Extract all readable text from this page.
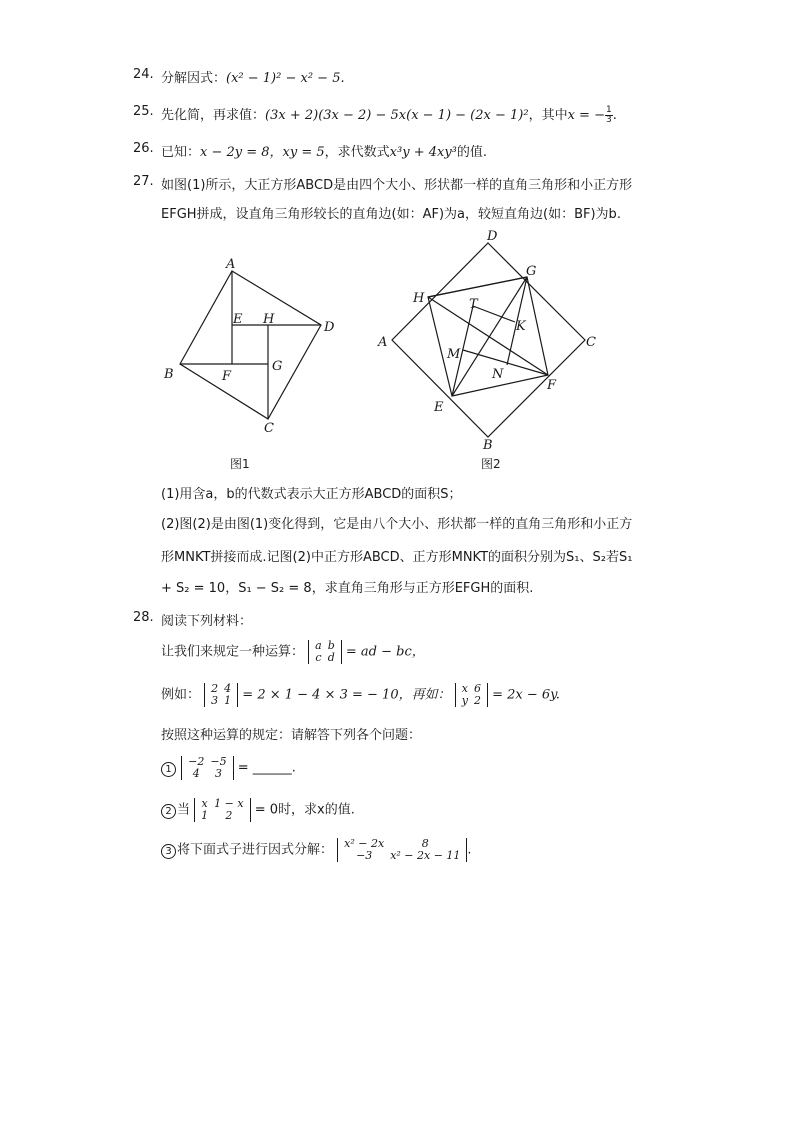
24. 分解因式：(x² − 1)² − x² − 5.
25. 先化简，再求值：(3x + 2)(3x − 2) − 5x(x − 1) − (2x − 1)²，其中x = − $\frac{1}{3}$ .
26. 已知：x − 2y = 8，xy = 5，求代数式x³y + 4xy³的值.
27. 如图(1)所示，大正方形ABCD是由四个大小、形状都一样的直角三角形和小正方形
EFGH拼成，设直角三角形较长的直角边(如：AF)为a，较短直角边(如：BF)为b.
A
B
C
D
E
F
G
H
图1
D
A	C
B
H
G
F
E
T
K
M
N
图2
(1)用含a，b的代数式表示大正方形ABCD的面积S；
(2)图(2)是由图(1)变化得到，它是由八个大小、形状都一样的直角三角形和小正方
形MNKT拼接而成.记图(2)中正方形ABCD、正方形MNKT的面积分别为S₁、S₂若S₁
+ S₂ = 10，S₁ − S₂ = 8，求直角三角形与正方形EFGH的面积.
28. 阅读下列材料：
让我们来规定一种运算： a	b
c	d = ad − bc，
例如： 2	4
3	1 = 2 × 1 − 4 × 3 = − 10，再如： x	6
y	2 = 2x − 6y.
按照这种运算的规定：请解答下列各个问题：
1
−2	−5
4	3 = ______.
2 当 x	1 − x
1	2 = 0时，求x的值.
3 将下面式子进行因式分解： x² − 2x	8
−3	x² − 2x − 11 .
